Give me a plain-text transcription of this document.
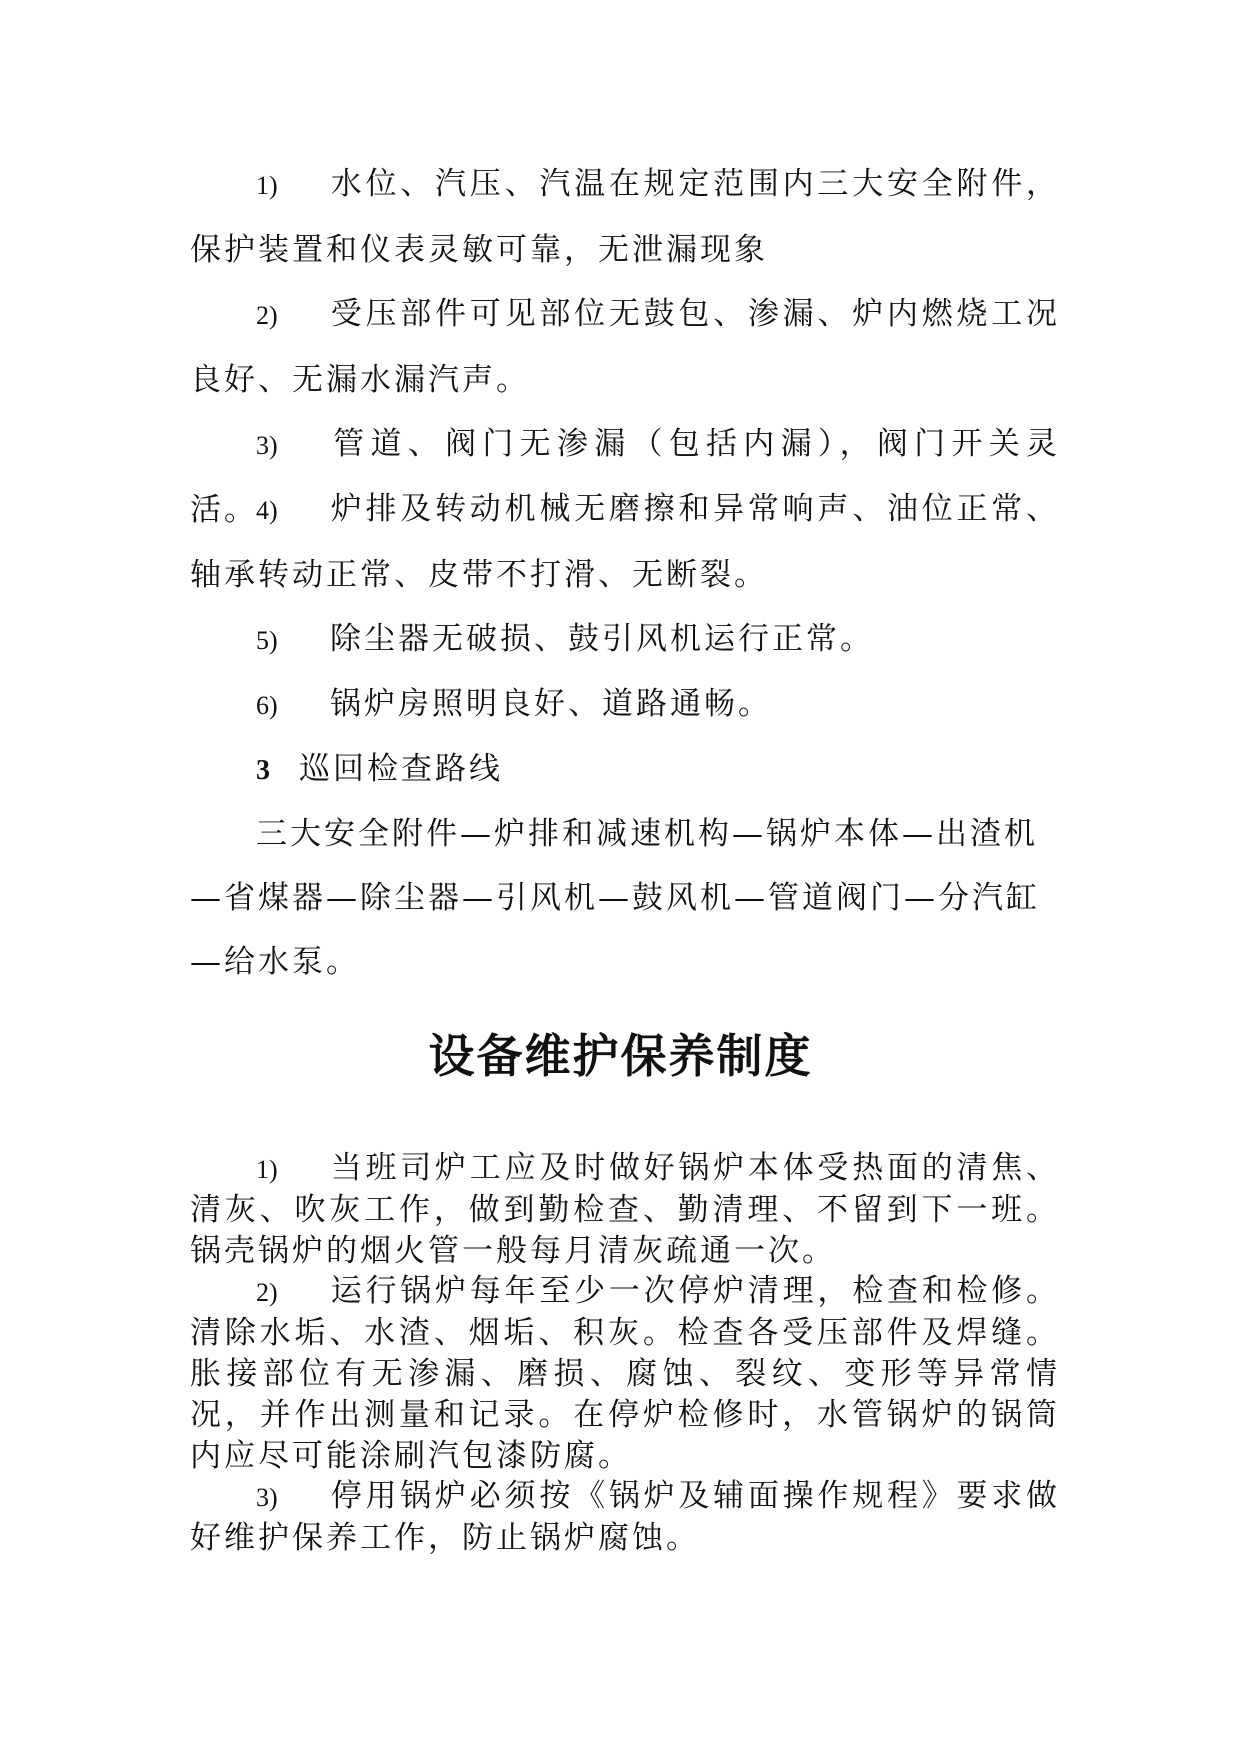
1) 水位、汽压、汽温在规定范围内三大安全附件，保护装置和仪表灵敏可靠，无泄漏现象

2) 受压部件可见部位无鼓包、渗漏、炉内燃烧工况良好、无漏水漏汽声。

3) 管道、阀门无渗漏（包括内漏），阀门开关灵活。

4) 炉排及转动机械无磨擦和异常响声、油位正常、轴承转动正常、皮带不打滑、无断裂。

5) 除尘器无破损、鼓引风机运行正常。

6) 锅炉房照明良好、道路通畅。

3 巡回检查路线

三大安全附件—炉排和减速机构—锅炉本体—出渣机
—省煤器—除尘器—引风机—鼓风机—管道阀门—分汽缸
—给水泵。
设备维护保养制度

1) 当班司炉工应及时做好锅炉本体受热面的清焦、清灰、吹灰工作，做到勤检查、勤清理、不留到下一班。锅壳锅炉的烟火管一般每月清灰疏通一次。

2) 运行锅炉每年至少一次停炉清理，检查和检修。清除水垢、水渣、烟垢、积灰。检查各受压部件及焊缝。胀接部位有无渗漏、磨损、腐蚀、裂纹、变形等异常情况，并作出测量和记录。在停炉检修时，水管锅炉的锅筒内应尽可能涂刷汽包漆防腐。

3) 停用锅炉必须按《锅炉及辅面操作规程》要求做好维护保养工作，防止锅炉腐蚀。
